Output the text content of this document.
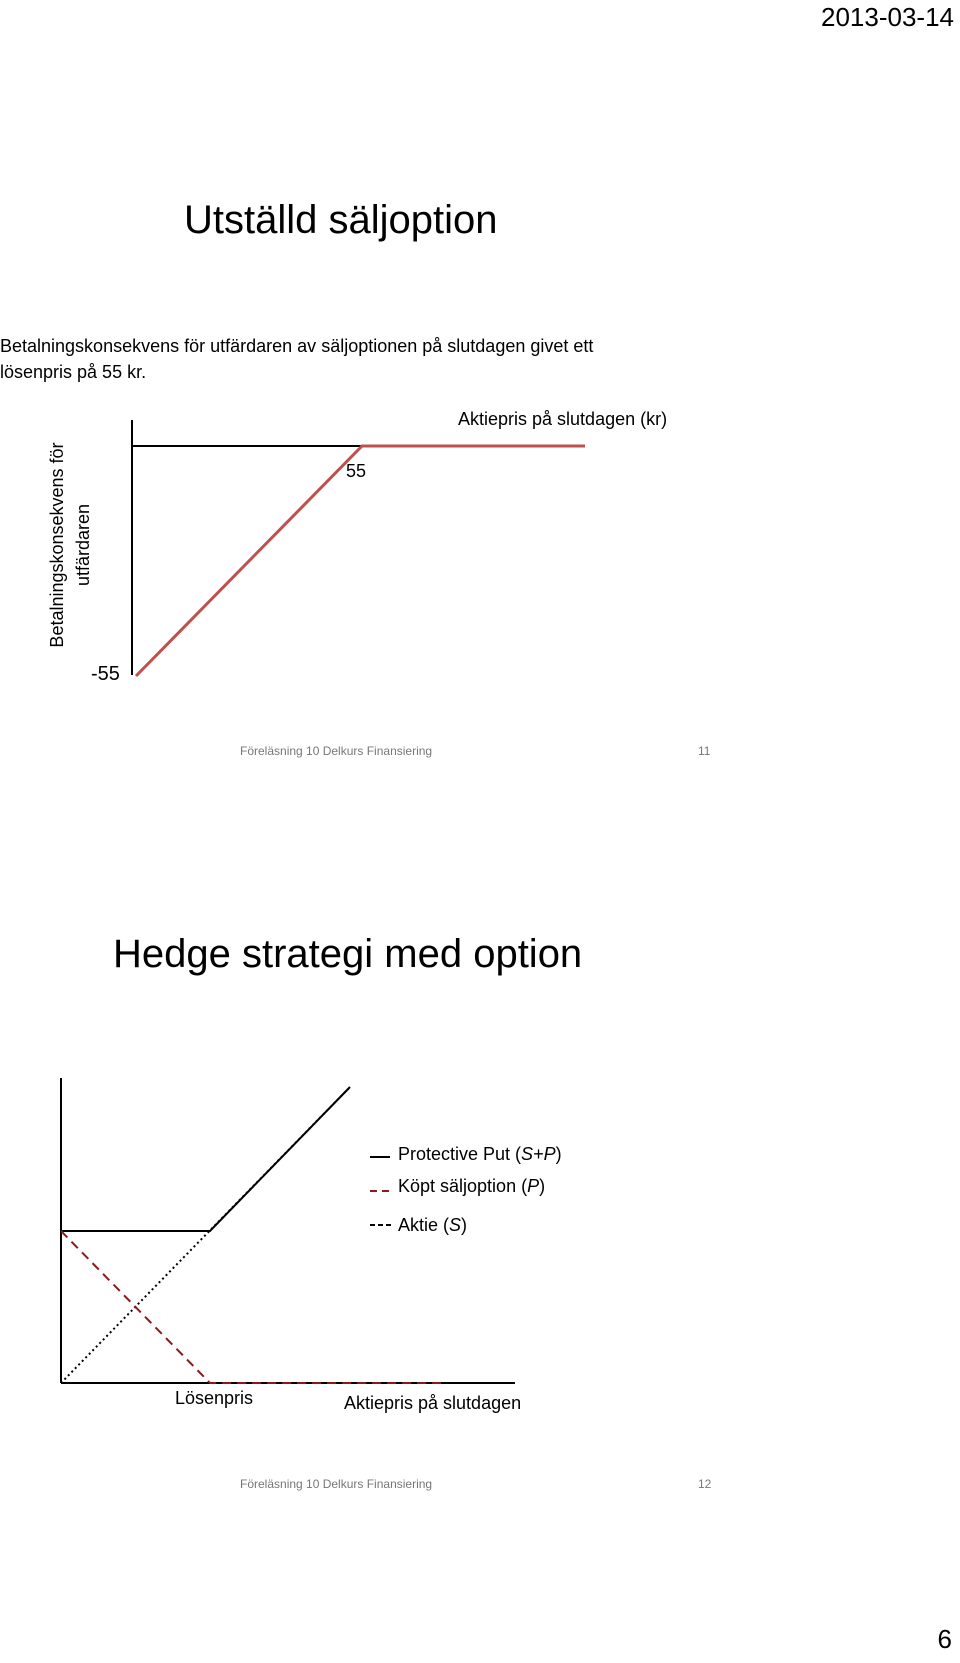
2013-03-14
Utställd säljoption
Betalningskonsekvens för utfärdaren av säljoptionen på slutdagen givet ett
lösenpris på 55 kr.
Aktiepris på slutdagen (kr)
Betalningskonsekvens för utfärdaren
55
-55
Föreläsning 10 Delkurs Finansiering	11
Hedge strategi med option
Protective Put (S+P)
Köpt säljoption (P)
Aktie (S)
Lösenpris	Aktiepris på slutdagen
Föreläsning 10 Delkurs Finansiering	12
6
